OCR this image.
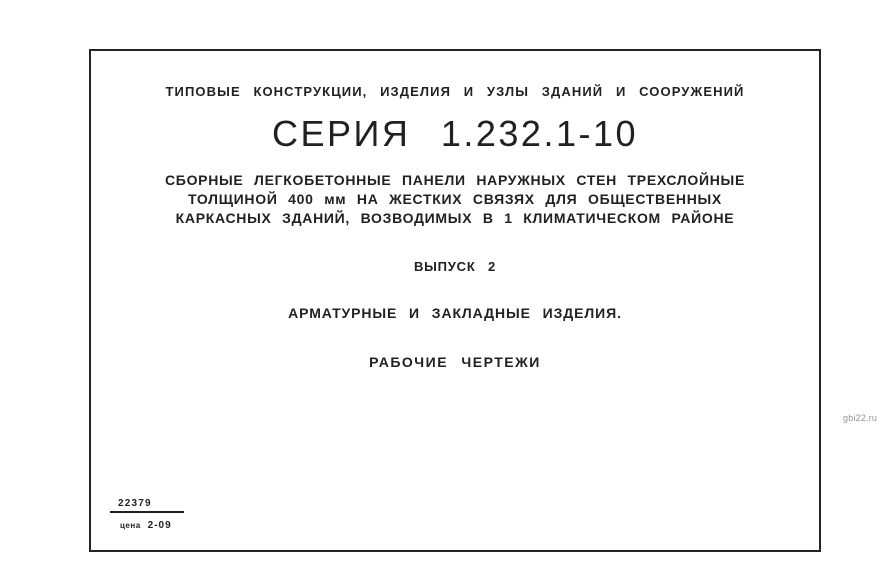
ТИПОВЫЕ КОНСТРУКЦИИ, ИЗДЕЛИЯ И УЗЛЫ ЗДАНИЙ И СООРУЖЕНИЙ
СЕРИЯ 1.232.1-10
СБОРНЫЕ ЛЕГКОБЕТОННЫЕ ПАНЕЛИ НАРУЖНЫХ СТЕН ТРЕХСЛОЙНЫЕ
ТОЛЩИНОЙ 400 мм НА ЖЕСТКИХ СВЯЗЯХ ДЛЯ ОБЩЕСТВЕННЫХ
КАРКАСНЫХ ЗДАНИЙ, ВОЗВОДИМЫХ В 1 КЛИМАТИЧЕСКОМ РАЙОНЕ
ВЫПУСК 2
АРМАТУРНЫЕ И ЗАКЛАДНЫЕ ИЗДЕЛИЯ.
РАБОЧИЕ ЧЕРТЕЖИ
22379
цена 2-09
gbi22.ru
